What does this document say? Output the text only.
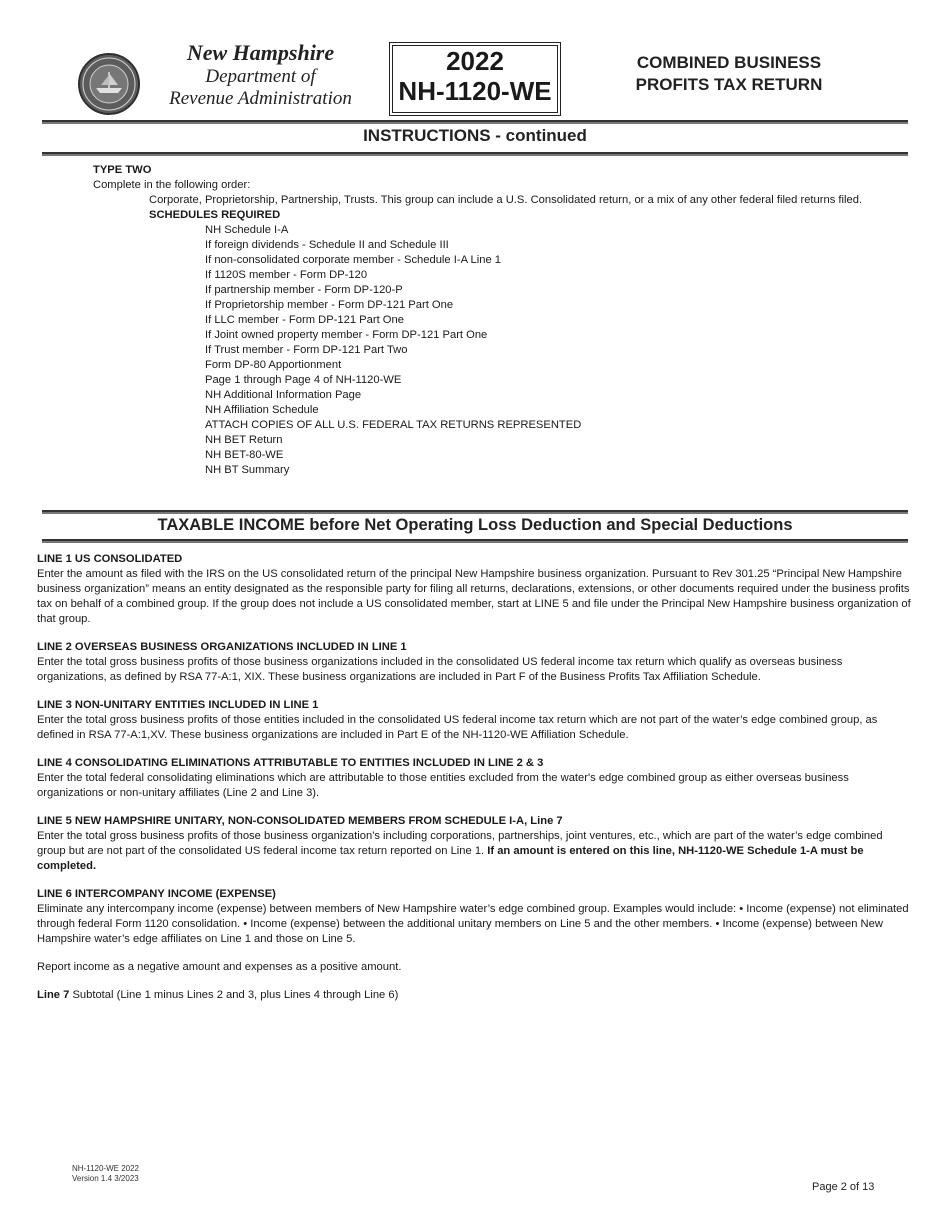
New Hampshire
Department of
Revenue Administration
2022
NH-1120-WE
COMBINED BUSINESS
PROFITS TAX RETURN
INSTRUCTIONS - continued
TYPE TWO
Complete in the following order:
Corporate, Proprietorship, Partnership, Trusts. This group can include a U.S. Consolidated return, or a mix of any other federal filed returns filed.
SCHEDULES REQUIRED
NH Schedule I-A
If foreign dividends - Schedule II and Schedule III
If non-consolidated corporate member - Schedule I-A Line 1
If 1120S member - Form DP-120
If partnership member - Form DP-120-P
If Proprietorship member - Form DP-121 Part One
If LLC member - Form DP-121 Part One
If Joint owned property member - Form DP-121 Part One
If Trust member - Form DP-121 Part Two
Form DP-80 Apportionment
Page 1 through Page 4 of NH-1120-WE
NH Additional Information Page
NH Affiliation Schedule
ATTACH COPIES OF ALL U.S. FEDERAL TAX RETURNS REPRESENTED
NH BET Return
NH BET-80-WE
NH BT Summary
TAXABLE INCOME before Net Operating Loss Deduction and Special Deductions
LINE 1 US CONSOLIDATED

Enter the amount as filed with the IRS on the US consolidated return of the principal New Hampshire business organization. Pursuant to Rev 301.25 “Principal New Hampshire business organization” means an entity designated as the responsible party for filing all returns, declarations, extensions, or other documents required under the business profits tax on behalf of a combined group. If the group does not include a US consolidated member, start at LINE 5 and file under the Principal New Hampshire business organization of that group.

LINE 2 OVERSEAS BUSINESS ORGANIZATIONS INCLUDED IN LINE 1

Enter the total gross business profits of those business organizations included in the consolidated US federal income tax return which qualify as overseas business organizations, as defined by RSA 77-A:1, XIX. These business organizations are included in Part F of the Business Profits Tax Affiliation Schedule.

LINE 3 NON-UNITARY ENTITIES INCLUDED IN LINE 1

Enter the total gross business profits of those entities included in the consolidated US federal income tax return which are not part of the water’s edge combined group, as defined in RSA 77-A:1,XV. These business organizations are included in Part E of the NH-1120-WE Affiliation Schedule.

LINE 4 CONSOLIDATING ELIMINATIONS ATTRIBUTABLE TO ENTITIES INCLUDED IN LINE 2 & 3

Enter the total federal consolidating eliminations which are attributable to those entities excluded from the water's edge combined group as either overseas business organizations or non-unitary affiliates (Line 2 and Line 3).

LINE 5 NEW HAMPSHIRE UNITARY, NON-CONSOLIDATED MEMBERS FROM SCHEDULE I-A, Line 7

Enter the total gross business profits of those business organization's including corporations, partnerships, joint ventures, etc., which are part of the water’s edge combined group but are not part of the consolidated US federal income tax return reported on Line 1. If an amount is entered on this line, NH-1120-WE Schedule 1-A must be completed.

LINE 6 INTERCOMPANY INCOME (EXPENSE)

Eliminate any intercompany income (expense) between members of New Hampshire water’s edge combined group. Examples would include: • Income (expense) not eliminated through federal Form 1120 consolidation. • Income (expense) between the additional unitary members on Line 5 and the other members. • Income (expense) between New Hampshire water’s edge affiliates on Line 1 and those on Line 5.

Report income as a negative amount and expenses as a positive amount.
Line 7 Subtotal (Line 1 minus Lines 2 and 3, plus Lines 4 through Line 6)
NH-1120-WE 2022
Version 1.4 3/2023
Page 2 of 13
